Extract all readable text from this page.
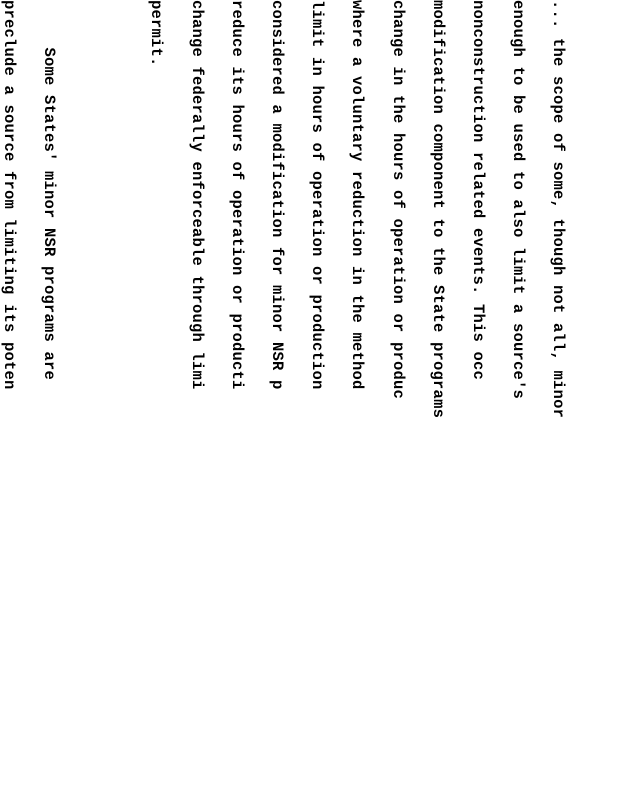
... the scope of some, though not all, minor

enough to be used to also limit a source's

nonconstruction related events. This occ

modification component to the State programs

change in the hours of operation or produc

where a voluntary reduction in the method

limit in hours of operation or production

considered a modification for minor NSR p

reduce its hours of operation or producti

change federally enforceable through limi

permit.

Some States' minor NSR programs are

preclude a source from limiting its poten
